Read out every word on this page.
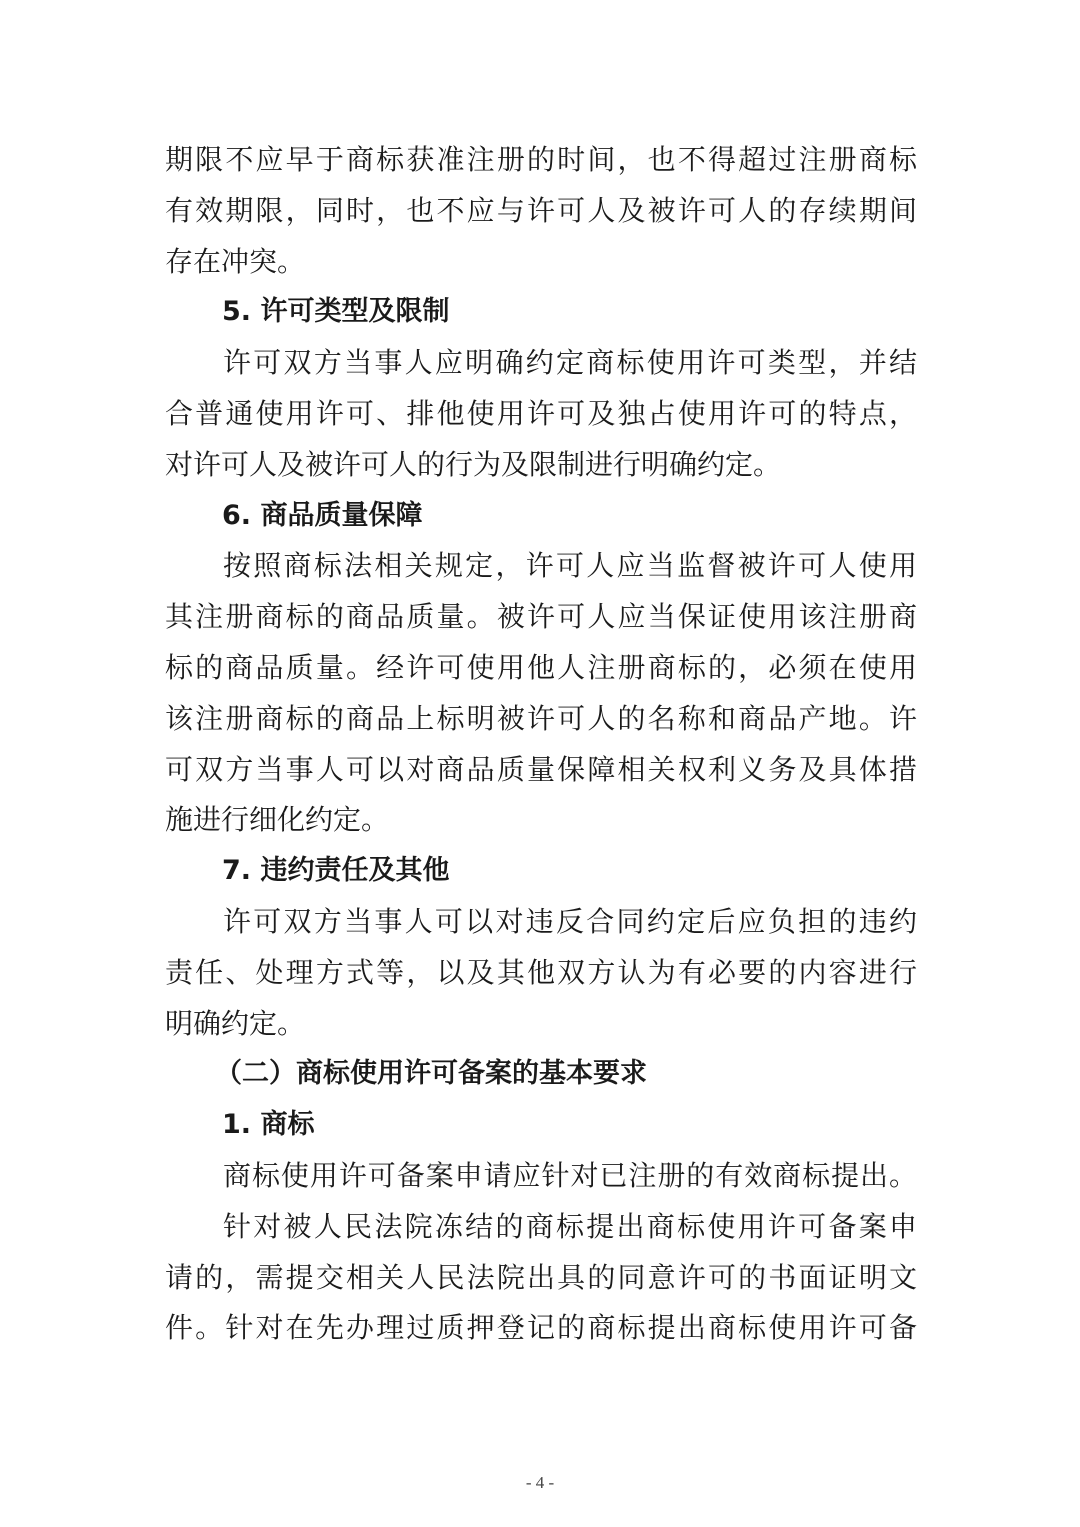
期限不应早于商标获准注册的时间，也不得超过注册商标
有效期限，同时，也不应与许可人及被许可人的存续期间
存在冲突。
5. 许可类型及限制
许可双方当事人应明确约定商标使用许可类型，并结
合普通使用许可、排他使用许可及独占使用许可的特点，
对许可人及被许可人的行为及限制进行明确约定。
6. 商品质量保障
按照商标法相关规定，许可人应当监督被许可人使用
其注册商标的商品质量。被许可人应当保证使用该注册商
标的商品质量。经许可使用他人注册商标的，必须在使用
该注册商标的商品上标明被许可人的名称和商品产地。许
可双方当事人可以对商品质量保障相关权利义务及具体措
施进行细化约定。
7. 违约责任及其他
许可双方当事人可以对违反合同约定后应负担的违约
责任、处理方式等，以及其他双方认为有必要的内容进行
明确约定。
（二）商标使用许可备案的基本要求
1. 商标
商标使用许可备案申请应针对已注册的有效商标提出。
针对被人民法院冻结的商标提出商标使用许可备案申
请的，需提交相关人民法院出具的同意许可的书面证明文
件。针对在先办理过质押登记的商标提出商标使用许可备
- 4 -
